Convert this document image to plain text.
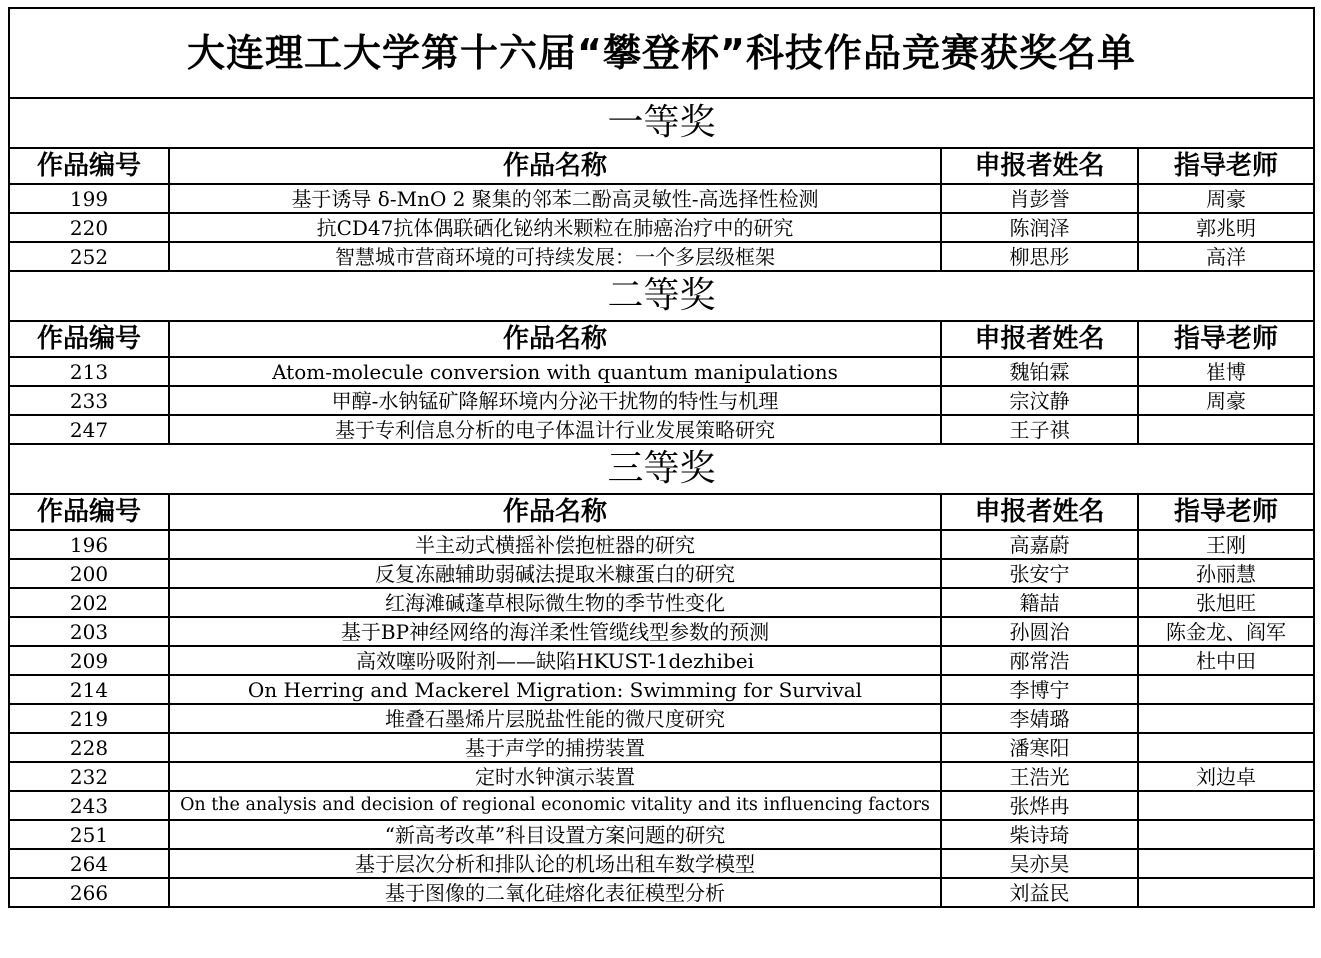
大连理工大学第十六届“攀登杯”科技作品竞赛获奖名单			
一等奖			
作品编号	作品名称	申报者姓名	指导老师
199	基于诱导 δ-MnO 2 聚集的邻苯二酚高灵敏性-高选择性检测	肖彭誉	周豪
220	抗CD47抗体偶联硒化铋纳米颗粒在肺癌治疗中的研究	陈润泽	郭兆明
252	智慧城市营商环境的可持续发展：一个多层级框架	柳思彤	高洋
二等奖			
作品编号	作品名称	申报者姓名	指导老师
213	Atom-molecule conversion with quantum manipulations	魏铂霖	崔博
233	甲醇-水钠锰矿降解环境内分泌干扰物的特性与机理	宗汶静	周豪
247	基于专利信息分析的电子体温计行业发展策略研究	王子祺	
三等奖			
作品编号	作品名称	申报者姓名	指导老师
196	半主动式横摇补偿抱桩器的研究	高嘉蔚	王刚
200	反复冻融辅助弱碱法提取米糠蛋白的研究	张安宁	孙丽慧
202	红海滩碱蓬草根际微生物的季节性变化	籍喆	张旭旺
203	基于BP神经网络的海洋柔性管缆线型参数的预测	孙圆治	陈金龙、阎军
209	高效噻吩吸附剂——缺陷HKUST-1dezhibei	邴常浩	杜中田
214	On Herring and Mackerel Migration: Swimming for Survival	李博宁	
219	堆叠石墨烯片层脱盐性能的微尺度研究	李婧璐	
228	基于声学的捕捞装置	潘寒阳	
232	定时水钟演示装置	王浩光	刘边卓
243	On the analysis and decision of regional economic vitality and its influencing factors	张烨冉	
251	“新高考改革”科目设置方案问题的研究	柴诗琦	
264	基于层次分析和排队论的机场出租车数学模型	吴亦昊	
266	基于图像的二氧化硅熔化表征模型分析	刘益民	
